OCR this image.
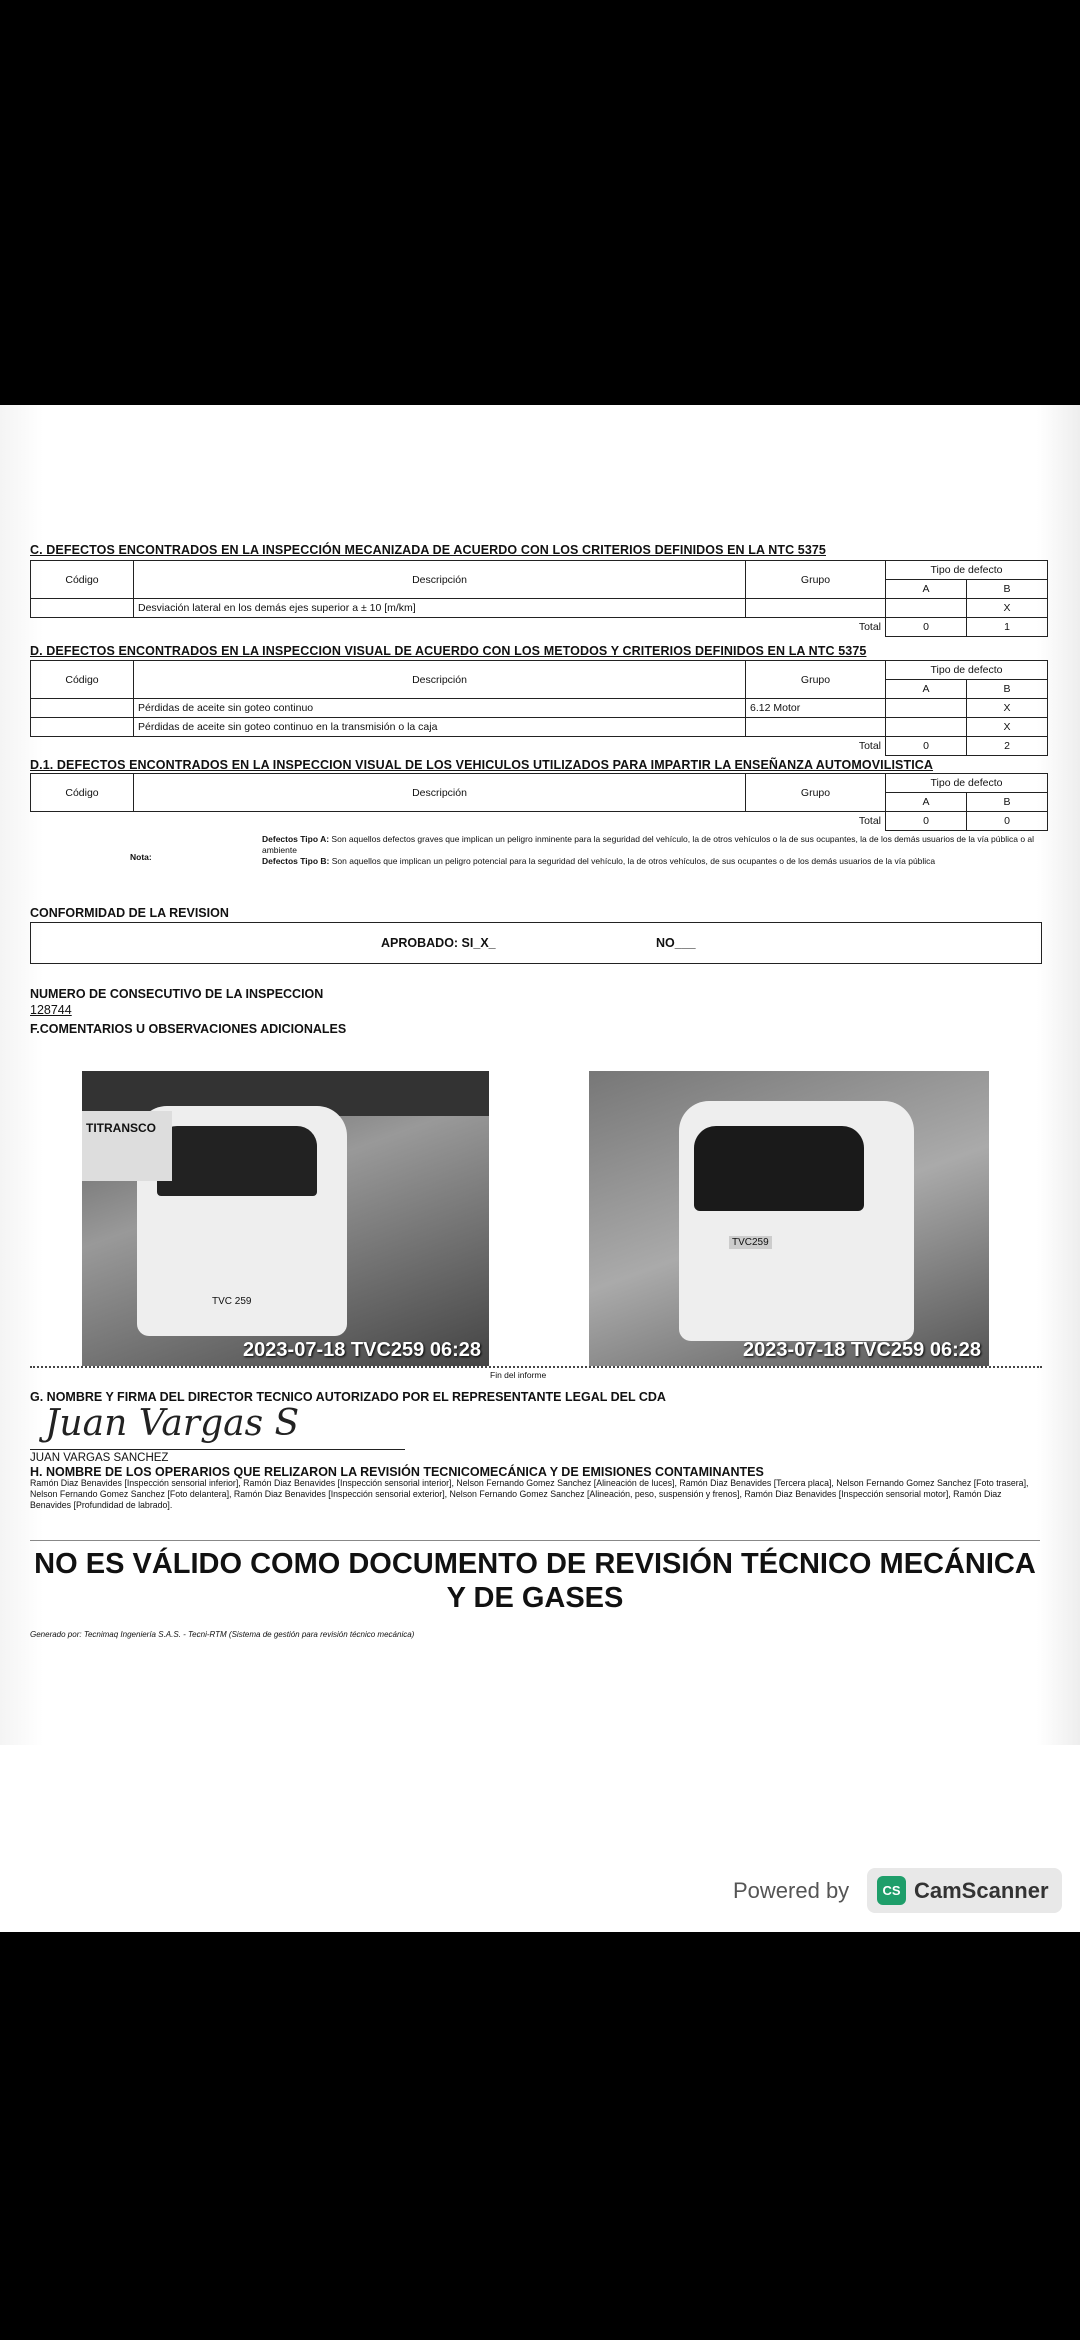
C. DEFECTOS ENCONTRADOS EN LA INSPECCIÓN MECANIZADA DE ACUERDO CON LOS CRITERIOS DEFINIDOS EN LA NTC 5375
Código	Descripción	Grupo	Tipo de defecto	
			A	B
	Desviación lateral en los demás ejes superior a ± 10 [m/km]			X
Total			0	1
D. DEFECTOS ENCONTRADOS EN LA INSPECCION VISUAL DE ACUERDO CON LOS METODOS Y CRITERIOS DEFINIDOS EN LA NTC 5375
Código	Descripción	Grupo	Tipo de defecto	
			A	B
	Pérdidas de aceite sin goteo continuo	6.12 Motor		X
	Pérdidas de aceite sin goteo continuo en la transmisión o la caja			X
Total			0	2
D.1. DEFECTOS ENCONTRADOS EN LA INSPECCION VISUAL DE LOS VEHICULOS UTILIZADOS PARA IMPARTIR LA ENSEÑANZA AUTOMOVILISTICA
Código	Descripción	Grupo	Tipo de defecto	
			A	B
Total			0	0
Nota:
Defectos Tipo A: Son aquellos defectos graves que implican un peligro inminente para la seguridad del vehículo, la de otros vehículos o la de sus ocupantes, la de los demás usuarios de la vía pública o al ambiente
Defectos Tipo B: Son aquellos que implican un peligro potencial para la seguridad del vehículo, la de otros vehículos, de sus ocupantes o de los demás usuarios de la vía pública
CONFORMIDAD DE LA REVISION
APROBADO: SI_X_	NO___
NUMERO DE CONSECUTIVO DE LA INSPECCION
128744
F.COMENTARIOS U OBSERVACIONES ADICIONALES
TITRANSCO
TVC 259
2023-07-18 TVC259 06:28
TVC259
2023-07-18 TVC259 06:28
Fin del informe
G. NOMBRE Y FIRMA DEL DIRECTOR TECNICO AUTORIZADO POR EL REPRESENTANTE LEGAL DEL CDA
Juan Vargas S
JUAN VARGAS SANCHEZ
H. NOMBRE DE LOS OPERARIOS QUE RELIZARON LA REVISIÓN TECNICOMECÁNICA Y DE EMISIONES CONTAMINANTES
Ramón Diaz Benavides [Inspección sensorial inferior], Ramón Diaz Benavides [Inspección sensorial interior], Nelson Fernando Gomez Sanchez [Alineación de luces], Ramón Diaz Benavides [Tercera placa], Nelson Fernando Gomez Sanchez [Foto trasera], Nelson Fernando Gomez Sanchez [Foto delantera], Ramón Diaz Benavides [Inspección sensorial exterior], Nelson Fernando Gomez Sanchez [Alineación, peso, suspensión y frenos], Ramón Diaz Benavides [Inspección sensorial motor], Ramón Diaz Benavides [Profundidad de labrado].
NO ES VÁLIDO COMO DOCUMENTO DE REVISIÓN TÉCNICO MECÁNICA Y DE GASES
Generado por: Tecnimaq Ingeniería S.A.S. - Tecni-RTM (Sistema de gestión para revisión técnico mecánica)
Powered by	CS CamScanner
